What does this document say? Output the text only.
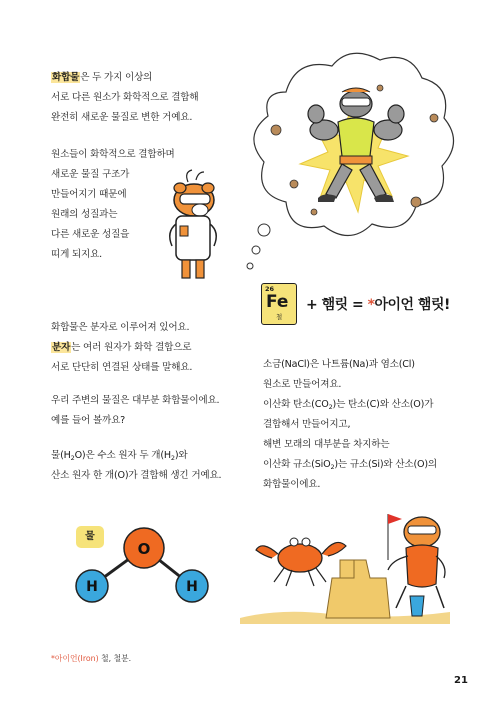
화합물은 두 가지 이상의
서로 다른 원소가 화학적으로 결합해
완전히 새로운 물질로 변한 거예요.
원소들이 화학적으로 결합하며
새로운 물질 구조가
만들어지기 때문에
원래의 성질과는
다른 새로운 성질을
띠게 되지요.
26
Fe
철
+ 햄릿 = *아이언 햄릿!
화합물은 분자로 이루어져 있어요.
분자는 여러 원자가 화학 결합으로
서로 단단히 연결된 상태를 말해요.
우리 주변의 물질은 대부분 화합물이에요.
예를 들어 볼까요?
물$(H_2O)$은 수소 원자 두 개$(H_2)$와
산소 원자 한 개(O)가 결합해 생긴 거예요.
소금(NaCl)은 나트륨(Na)과 염소(Cl)
원소로 만들어져요.
이산화 탄소$(CO_2)$는 탄소(C)와 산소(O)가
결합해서 만들어지고,
해변 모래의 대부분을 차지하는
이산화 규소(SiO$_2$)는 규소(Si)와 산소(O)의
화합물이에요.
물
O
H	H
*아이언(Iron) 철, 철분.
21
